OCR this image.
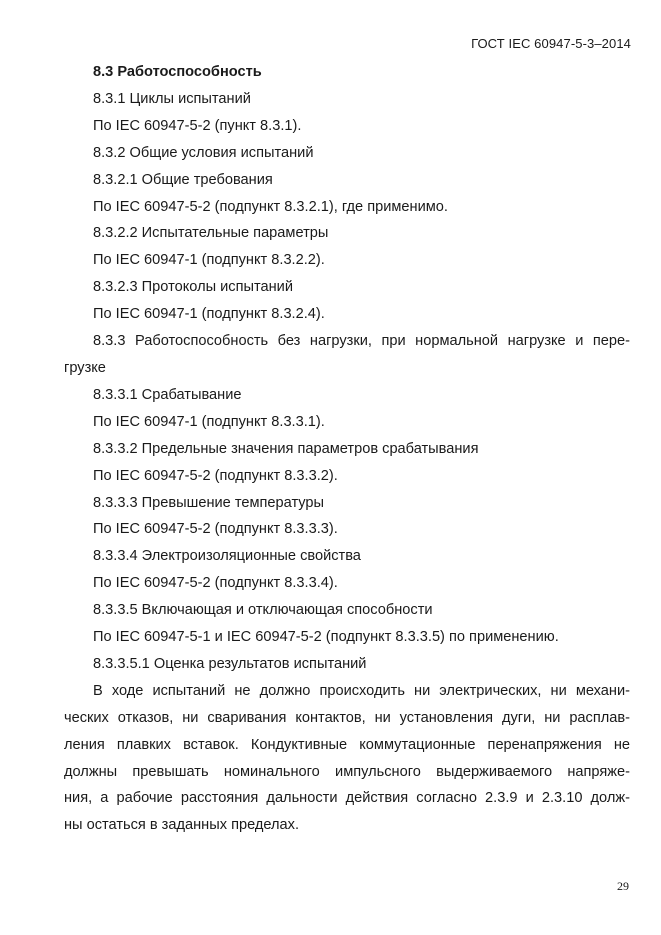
ГОСТ IEC 60947-5-3–2014

8.3 Работоспособность

8.3.1 Циклы испытаний

По IEC 60947-5-2 (пункт 8.3.1).

8.3.2 Общие условия испытаний

8.3.2.1 Общие требования

По IEC 60947-5-2 (подпункт 8.3.2.1), где применимо.

8.3.2.2 Испытательные параметры

По IEC 60947-1 (подпункт 8.3.2.2).

8.3.2.3 Протоколы испытаний

По IEC 60947-1 (подпункт 8.3.2.4).

8.3.3 Работоспособность без нагрузки, при нормальной нагрузке и пере-

грузке

8.3.3.1 Срабатывание

По IEC 60947-1 (подпункт 8.3.3.1).

8.3.3.2 Предельные значения параметров срабатывания

По IEC 60947-5-2 (подпункт 8.3.3.2).

8.3.3.3 Превышение температуры

По IEC 60947-5-2 (подпункт 8.3.3.3).

8.3.3.4 Электроизоляционные свойства

По IEC 60947-5-2 (подпункт 8.3.3.4).

8.3.3.5 Включающая и отключающая способности

По IEC 60947-5-1 и IEC 60947-5-2 (подпункт 8.3.3.5) по применению.

8.3.3.5.1 Оценка результатов испытаний

В ходе испытаний не должно происходить ни электрических, ни механи-

ческих отказов, ни сваривания контактов, ни установления дуги, ни расплав-

ления плавких вставок. Кондуктивные коммутационные перенапряжения не

должны превышать номинального импульсного выдерживаемого напряже-

ния, а рабочие расстояния дальности действия согласно 2.3.9 и 2.3.10 долж-

ны остаться в заданных пределах.

29
